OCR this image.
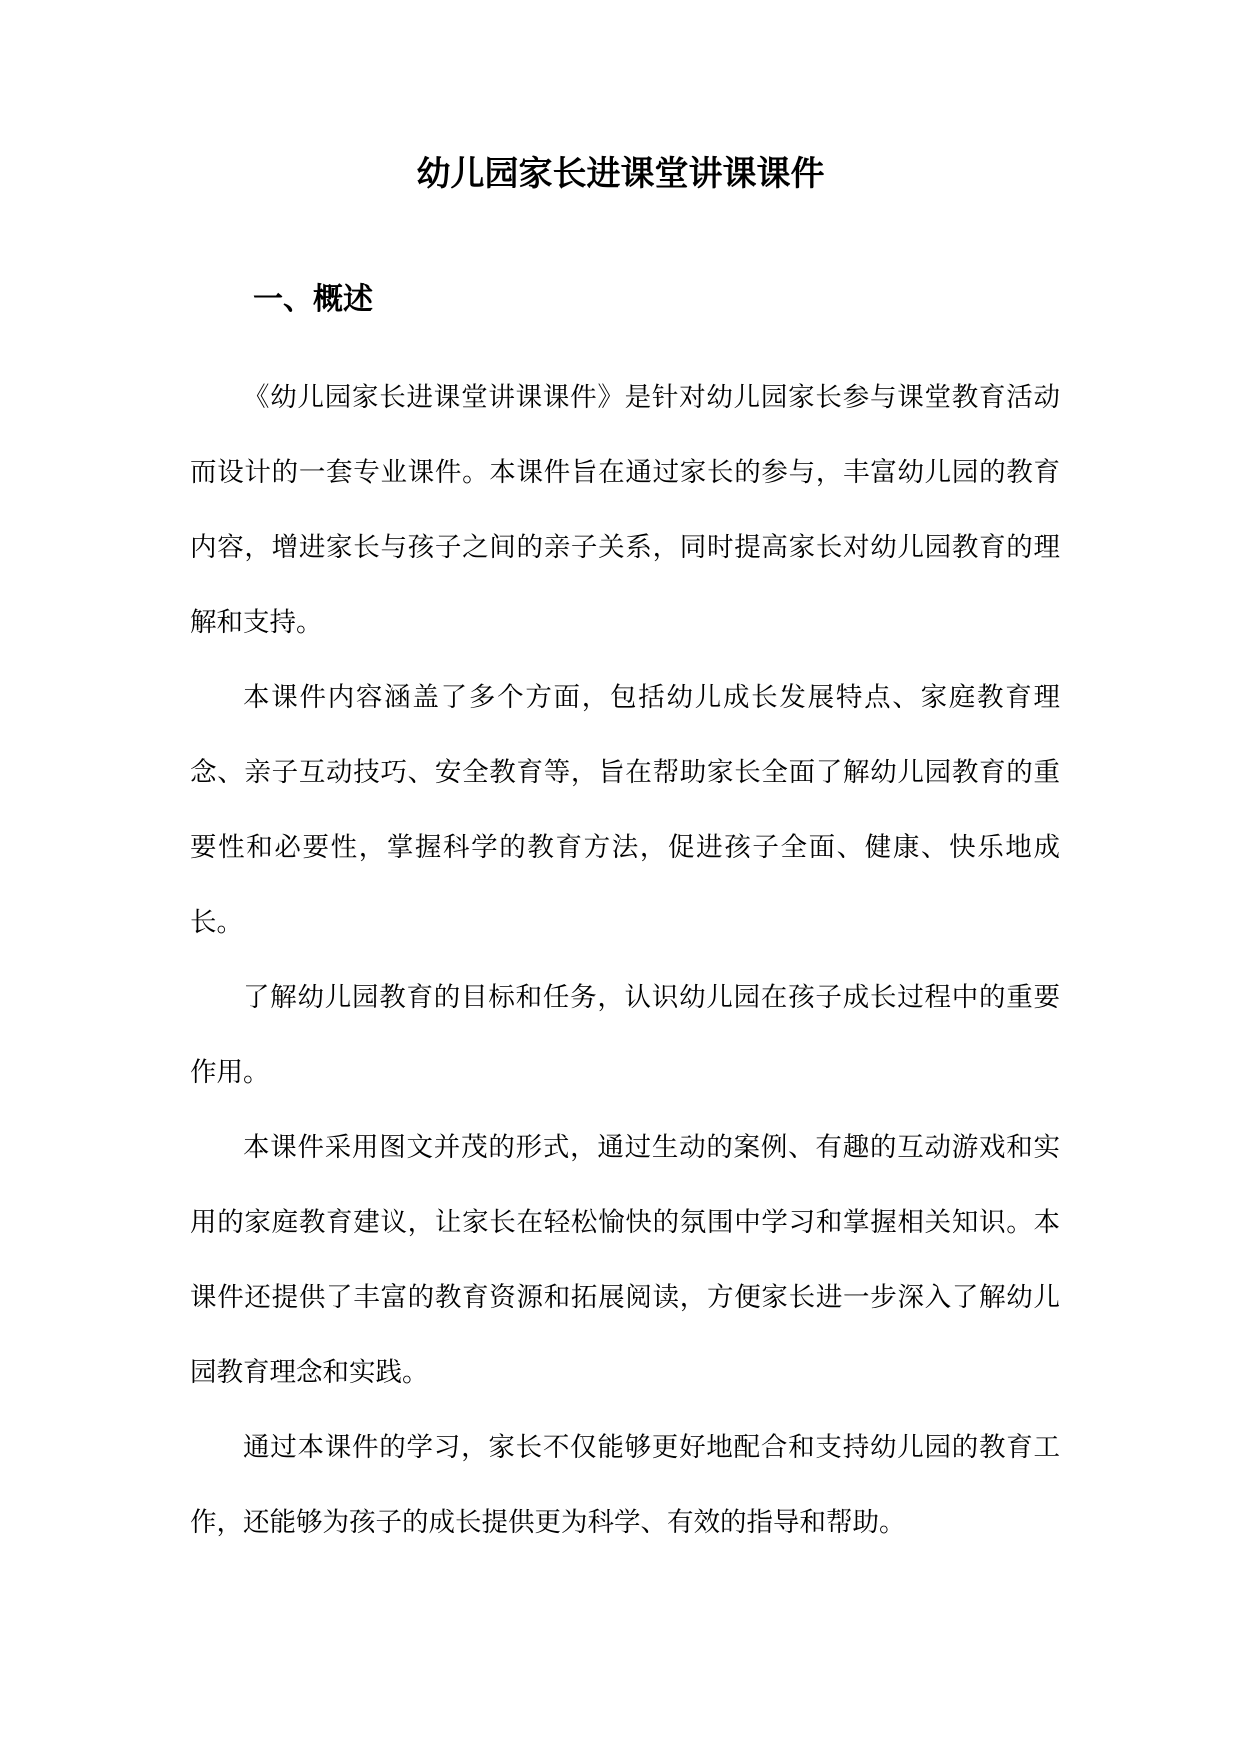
幼儿园家长进课堂讲课课件
一、概述

《幼儿园家长进课堂讲课课件》是针对幼儿园家长参与课堂教育活动而设计的一套专业课件。本课件旨在通过家长的参与，丰富幼儿园的教育内容，增进家长与孩子之间的亲子关系，同时提高家长对幼儿园教育的理解和支持。

本课件内容涵盖了多个方面，包括幼儿成长发展特点、家庭教育理念、亲子互动技巧、安全教育等，旨在帮助家长全面了解幼儿园教育的重要性和必要性，掌握科学的教育方法，促进孩子全面、健康、快乐地成长。

了解幼儿园教育的目标和任务，认识幼儿园在孩子成长过程中的重要作用。

本课件采用图文并茂的形式，通过生动的案例、有趣的互动游戏和实用的家庭教育建议，让家长在轻松愉快的氛围中学习和掌握相关知识。本课件还提供了丰富的教育资源和拓展阅读，方便家长进一步深入了解幼儿园教育理念和实践。

通过本课件的学习，家长不仅能够更好地配合和支持幼儿园的教育工作，还能够为孩子的成长提供更为科学、有效的指导和帮助。
